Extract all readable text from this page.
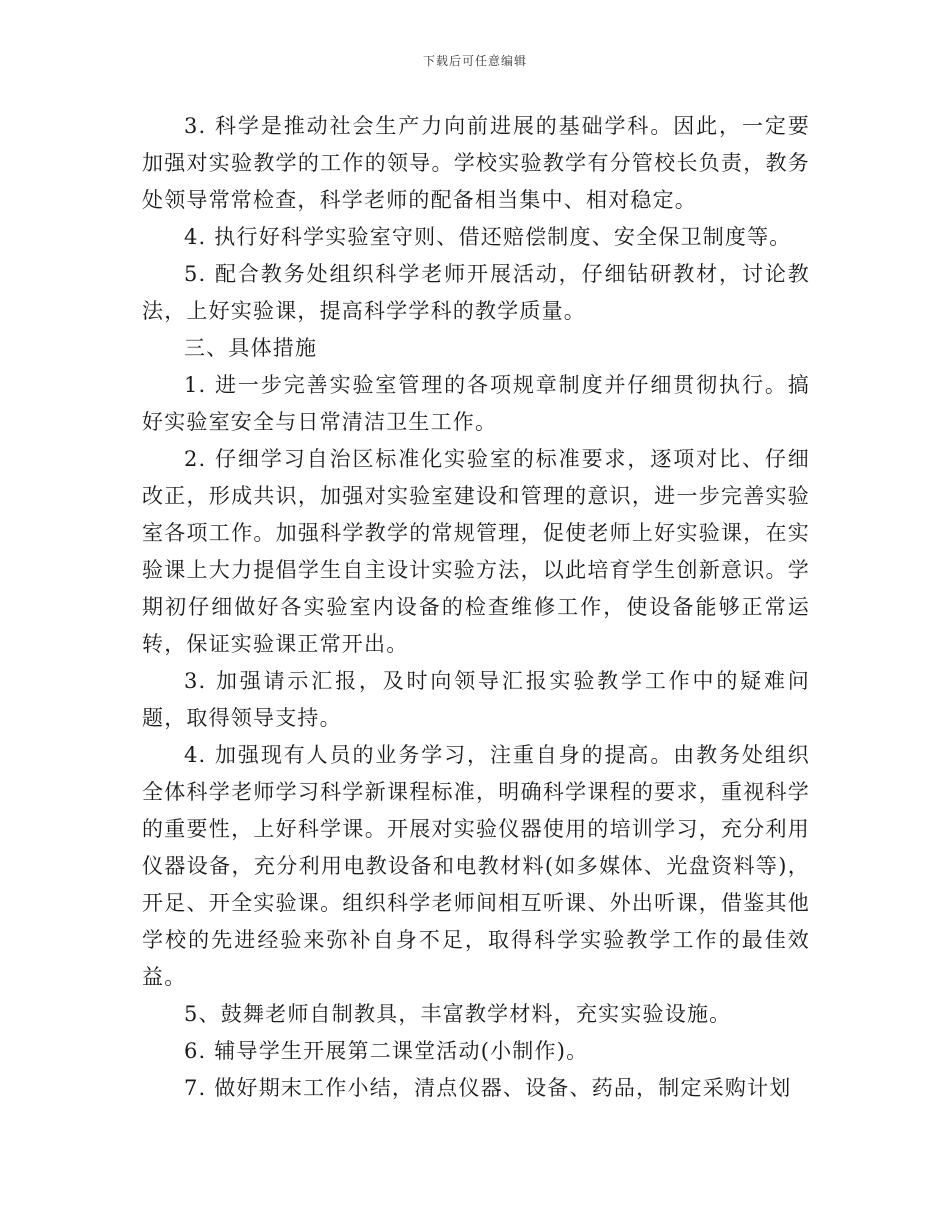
下载后可任意编辑

3. 科学是推动社会生产力向前进展的基础学科。因此，一定要加强对实验教学的工作的领导。学校实验教学有分管校长负责，教务处领导常常检查，科学老师的配备相当集中、相对稳定。

4. 执行好科学实验室守则、借还赔偿制度、安全保卫制度等。

5. 配合教务处组织科学老师开展活动，仔细钻研教材，讨论教法，上好实验课，提高科学学科的教学质量。

三、具体措施

1. 进一步完善实验室管理的各项规章制度并仔细贯彻执行。搞好实验室安全与日常清洁卫生工作。

2. 仔细学习自治区标准化实验室的标准要求，逐项对比、仔细改正，形成共识，加强对实验室建设和管理的意识，进一步完善实验室各项工作。加强科学教学的常规管理，促使老师上好实验课，在实验课上大力提倡学生自主设计实验方法，以此培育学生创新意识。学期初仔细做好各实验室内设备的检查维修工作，使设备能够正常运转，保证实验课正常开出。

3. 加强请示汇报，及时向领导汇报实验教学工作中的疑难问题，取得领导支持。

4. 加强现有人员的业务学习，注重自身的提高。由教务处组织全体科学老师学习科学新课程标准，明确科学课程的要求，重视科学的重要性，上好科学课。开展对实验仪器使用的培训学习，充分利用仪器设备，充分利用电教设备和电教材料(如多媒体、光盘资料等)，开足、开全实验课。组织科学老师间相互听课、外出听课，借鉴其他学校的先进经验来弥补自身不足，取得科学实验教学工作的最佳效益。

5、鼓舞老师自制教具，丰富教学材料，充实实验设施。

6. 辅导学生开展第二课堂活动(小制作)。

7. 做好期末工作小结，清点仪器、设备、药品，制定采购计划
